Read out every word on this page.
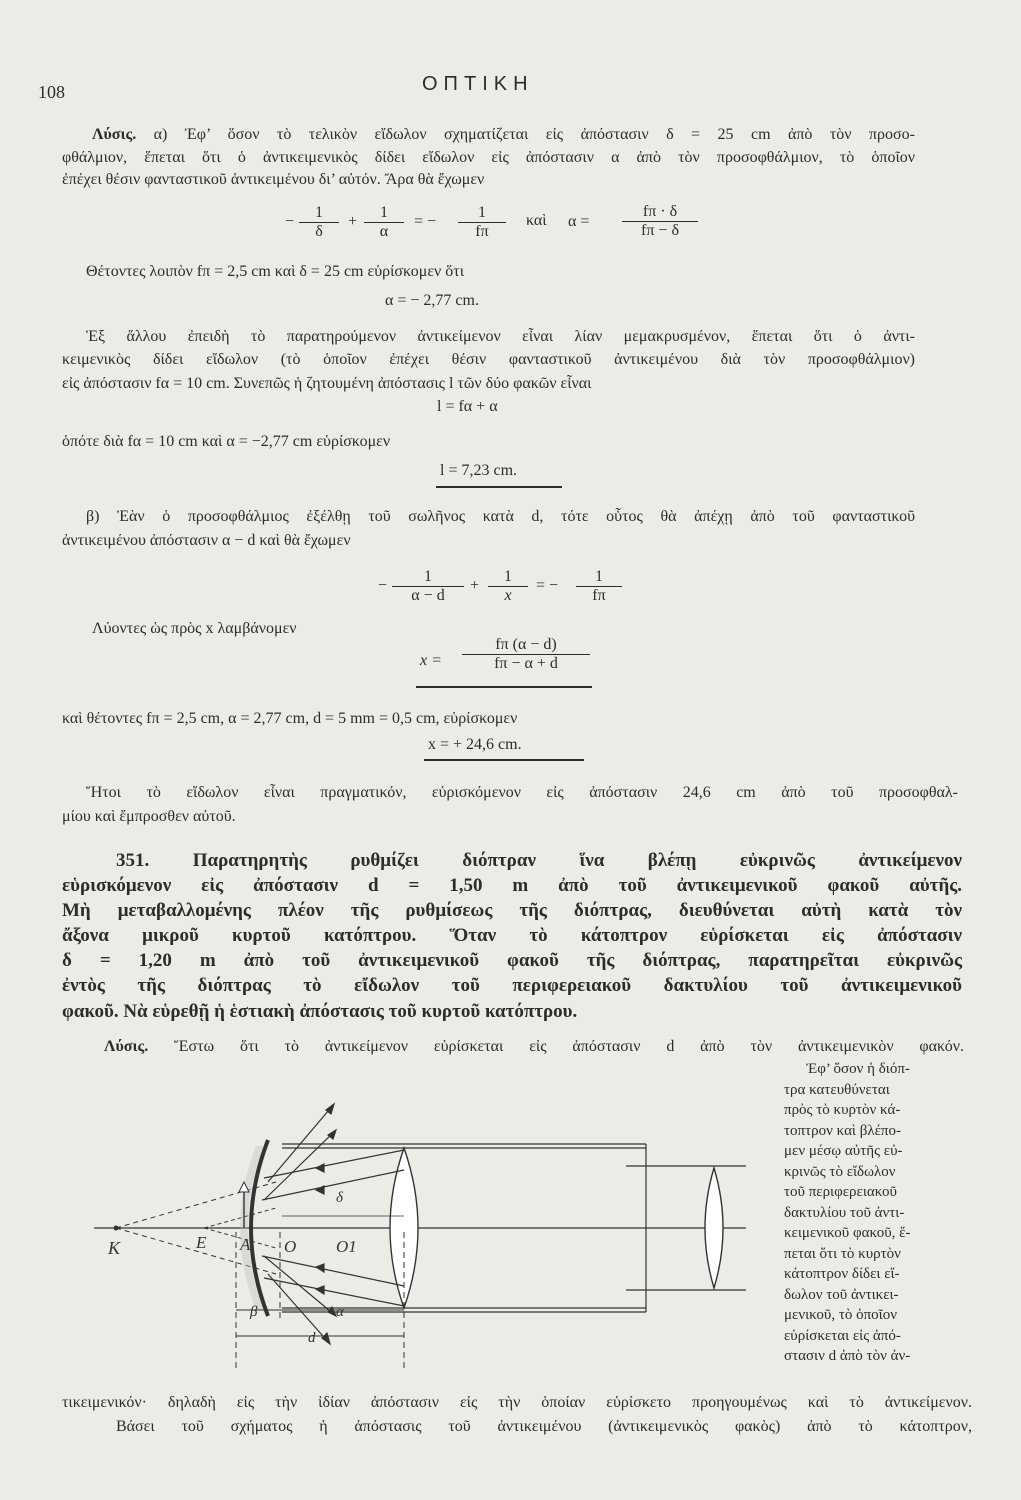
108	ΟΠΤΙΚΗ
Λύσις. α) Ἐφ’ ὅσον τὸ τελικὸν εἴδωλον σχηματίζεται εἰς ἀπόστασιν δ = 25 cm ἀπὸ τὸν προσο-
φθάλμιον, ἕπεται ὅτι ὁ ἀντικειμενικὸς δίδει εἴδωλον εἰς ἀπόστασιν α ἀπὸ τὸν προσοφθάλμιον, τὸ ὁποῖον
ἐπέχει θέσιν φανταστικοῦ ἀντικειμένου δι’ αὐτόν. Ἄρα θὰ ἔχωμεν
− $\frac{1}{\delta} + \frac{1}{\alpha}$ = − $\frac{1}{f\pi}$ καὶ $\alpha = \frac{f\pi \cdot \delta}{f\pi - \delta}$
Θέτοντες λοιπὸν fπ = 2,5 cm καὶ δ = 25 cm εὑρίσκομεν ὅτι
α = − 2,77 cm.
Ἐξ ἄλλου ἐπειδὴ τὸ παρατηρούμενον ἀντικείμενον εἶναι λίαν μεμακρυσμένον, ἕπεται ὅτι ὁ ἀντι-
κειμενικὸς δίδει εἴδωλον (τὸ ὁποῖον ἐπέχει θέσιν φανταστικοῦ ἀντικειμένου διὰ τὸν προσοφθάλμιον)
εἰς ἀπόστασιν fα = 10 cm. Συνεπῶς ἡ ζητουμένη ἀπόστασις l τῶν δύο φακῶν εἶναι
l = fα + α
ὁπότε διὰ fα = 10 cm καὶ α = −2,77 cm εὑρίσκομεν
l = 7,23 cm.
β) Ἐὰν ὁ προσοφθάλμιος ἐξέλθῃ τοῦ σωλῆνος κατὰ d, τότε οὗτος θὰ ἀπέχῃ ἀπὸ τοῦ φανταστικοῦ
ἀντικειμένου ἀπόστασιν α − d καὶ θὰ ἔχωμεν
− $\frac{1}{\alpha - d} + \frac{1}{x}$ = − $\frac{1}{f\pi}$
Λύοντες ὡς πρὸς x λαμβάνομεν
$x = \frac{f\pi (\alpha - d)}{f\pi - \alpha + d}$
καὶ θέτοντες fπ = 2,5 cm, α = 2,77 cm, d = 5 mm = 0,5 cm, εὑρίσκομεν
x = + 24,6 cm.
Ἤτοι τὸ εἴδωλον εἶναι πραγματικόν, εὑρισκόμενον εἰς ἀπόστασιν 24,6 cm ἀπὸ τοῦ προσοφθαλ-
μίου καὶ ἔμπροσθεν αὐτοῦ.
351. Παρατηρητὴς ρυθμίζει διόπτραν ἵνα βλέπῃ εὐκρινῶς ἀντικείμενον
εὑρισκόμενον εἰς ἀπόστασιν d = 1,50 m ἀπὸ τοῦ ἀντικειμενικοῦ φακοῦ αὐτῆς.
Μὴ μεταβαλλομένης πλέον τῆς ρυθμίσεως τῆς διόπτρας, διευθύνεται αὐτὴ κατὰ τὸν
ἄξονα μικροῦ κυρτοῦ κατόπτρου. Ὅταν τὸ κάτοπτρον εὑρίσκεται εἰς ἀπόστασιν
δ = 1,20 m ἀπὸ τοῦ ἀντικειμενικοῦ φακοῦ τῆς διόπτρας, παρατηρεῖται εὐκρινῶς
ἐντὸς τῆς διόπτρας τὸ εἴδωλον τοῦ περιφερειακοῦ δακτυλίου τοῦ ἀντικειμενικοῦ
φακοῦ. Νὰ εὑρεθῇ ἡ ἑστιακὴ ἀπόστασις τοῦ κυρτοῦ κατόπτρου.
Λύσις. Ἔστω ὅτι τὸ ἀντικείμενον εὑρίσκεται εἰς ἀπόστασιν d ἀπὸ τὸν ἀντικειμενικὸν φακόν.
Ἐφ’ ὅσον ἡ διόπ-
τρα κατευθύνεται
πρὸς τὸ κυρτὸν κά-
τοπτρον καὶ βλέπο-
μεν μέσῳ αὐτῆς εὐ-
κρινῶς τὸ εἴδωλον
τοῦ περιφερειακοῦ
δακτυλίου τοῦ ἀντι-
κειμενικοῦ φακοῦ, ἕ-
πεται ὅτι τὸ κυρτὸν
κάτοπτρον δίδει εἴ-
δωλον τοῦ ἀντικει-
μενικοῦ, τὸ ὁποῖον
εὑρίσκεται εἰς ἀπό-
στασιν d ἀπὸ τὸν ἀν-
K	E A O
δ
O1
β	α
d
τικειμενικόν· δηλαδὴ εἰς τὴν ἰδίαν ἀπόστασιν εἰς τὴν ὁποίαν εὑρίσκετο προηγουμένως καὶ τὸ ἀντικείμενον.
Βάσει τοῦ σχήματος ἡ ἀπόστασις τοῦ ἀντικειμένου (ἀντικειμενικὸς φακὸς) ἀπὸ τὸ κάτοπτρον,
